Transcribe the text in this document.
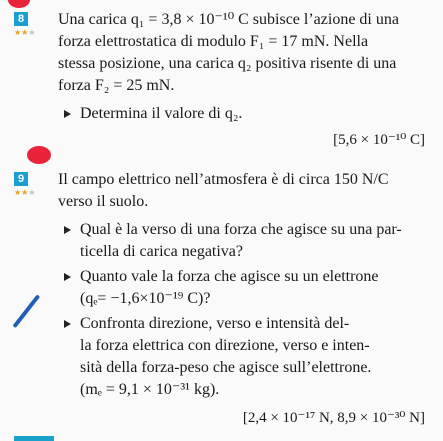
8
★★★
Una carica q₁ = 3,8 × 10⁻¹⁰ C subisce l’azione di una
forza elettrostatica di modulo F₁ = 17 mN. Nella
stessa posizione, una carica q₂ positiva risente di una
forza F₂ = 25 mN.
Determina il valore di q₂.
[5,6 × 10⁻¹⁰ C]
9
★★★
Il campo elettrico nell’atmosfera è di circa 150 N/C
verso il suolo.
Qual è la verso di una forza che agisce su una par-
ticella di carica negativa?
Quanto vale la forza che agisce su un elettrone
(qₑ= −1,6×10⁻¹⁹ C)?
Confronta direzione, verso e intensità del-
la forza elettrica con direzione, verso e inten-
sità della forza-peso che agisce sull’elettrone.
(mₑ = 9,1 × 10⁻³¹ kg).
[2,4 × 10⁻¹⁷ N, 8,9 × 10⁻³⁰ N]
